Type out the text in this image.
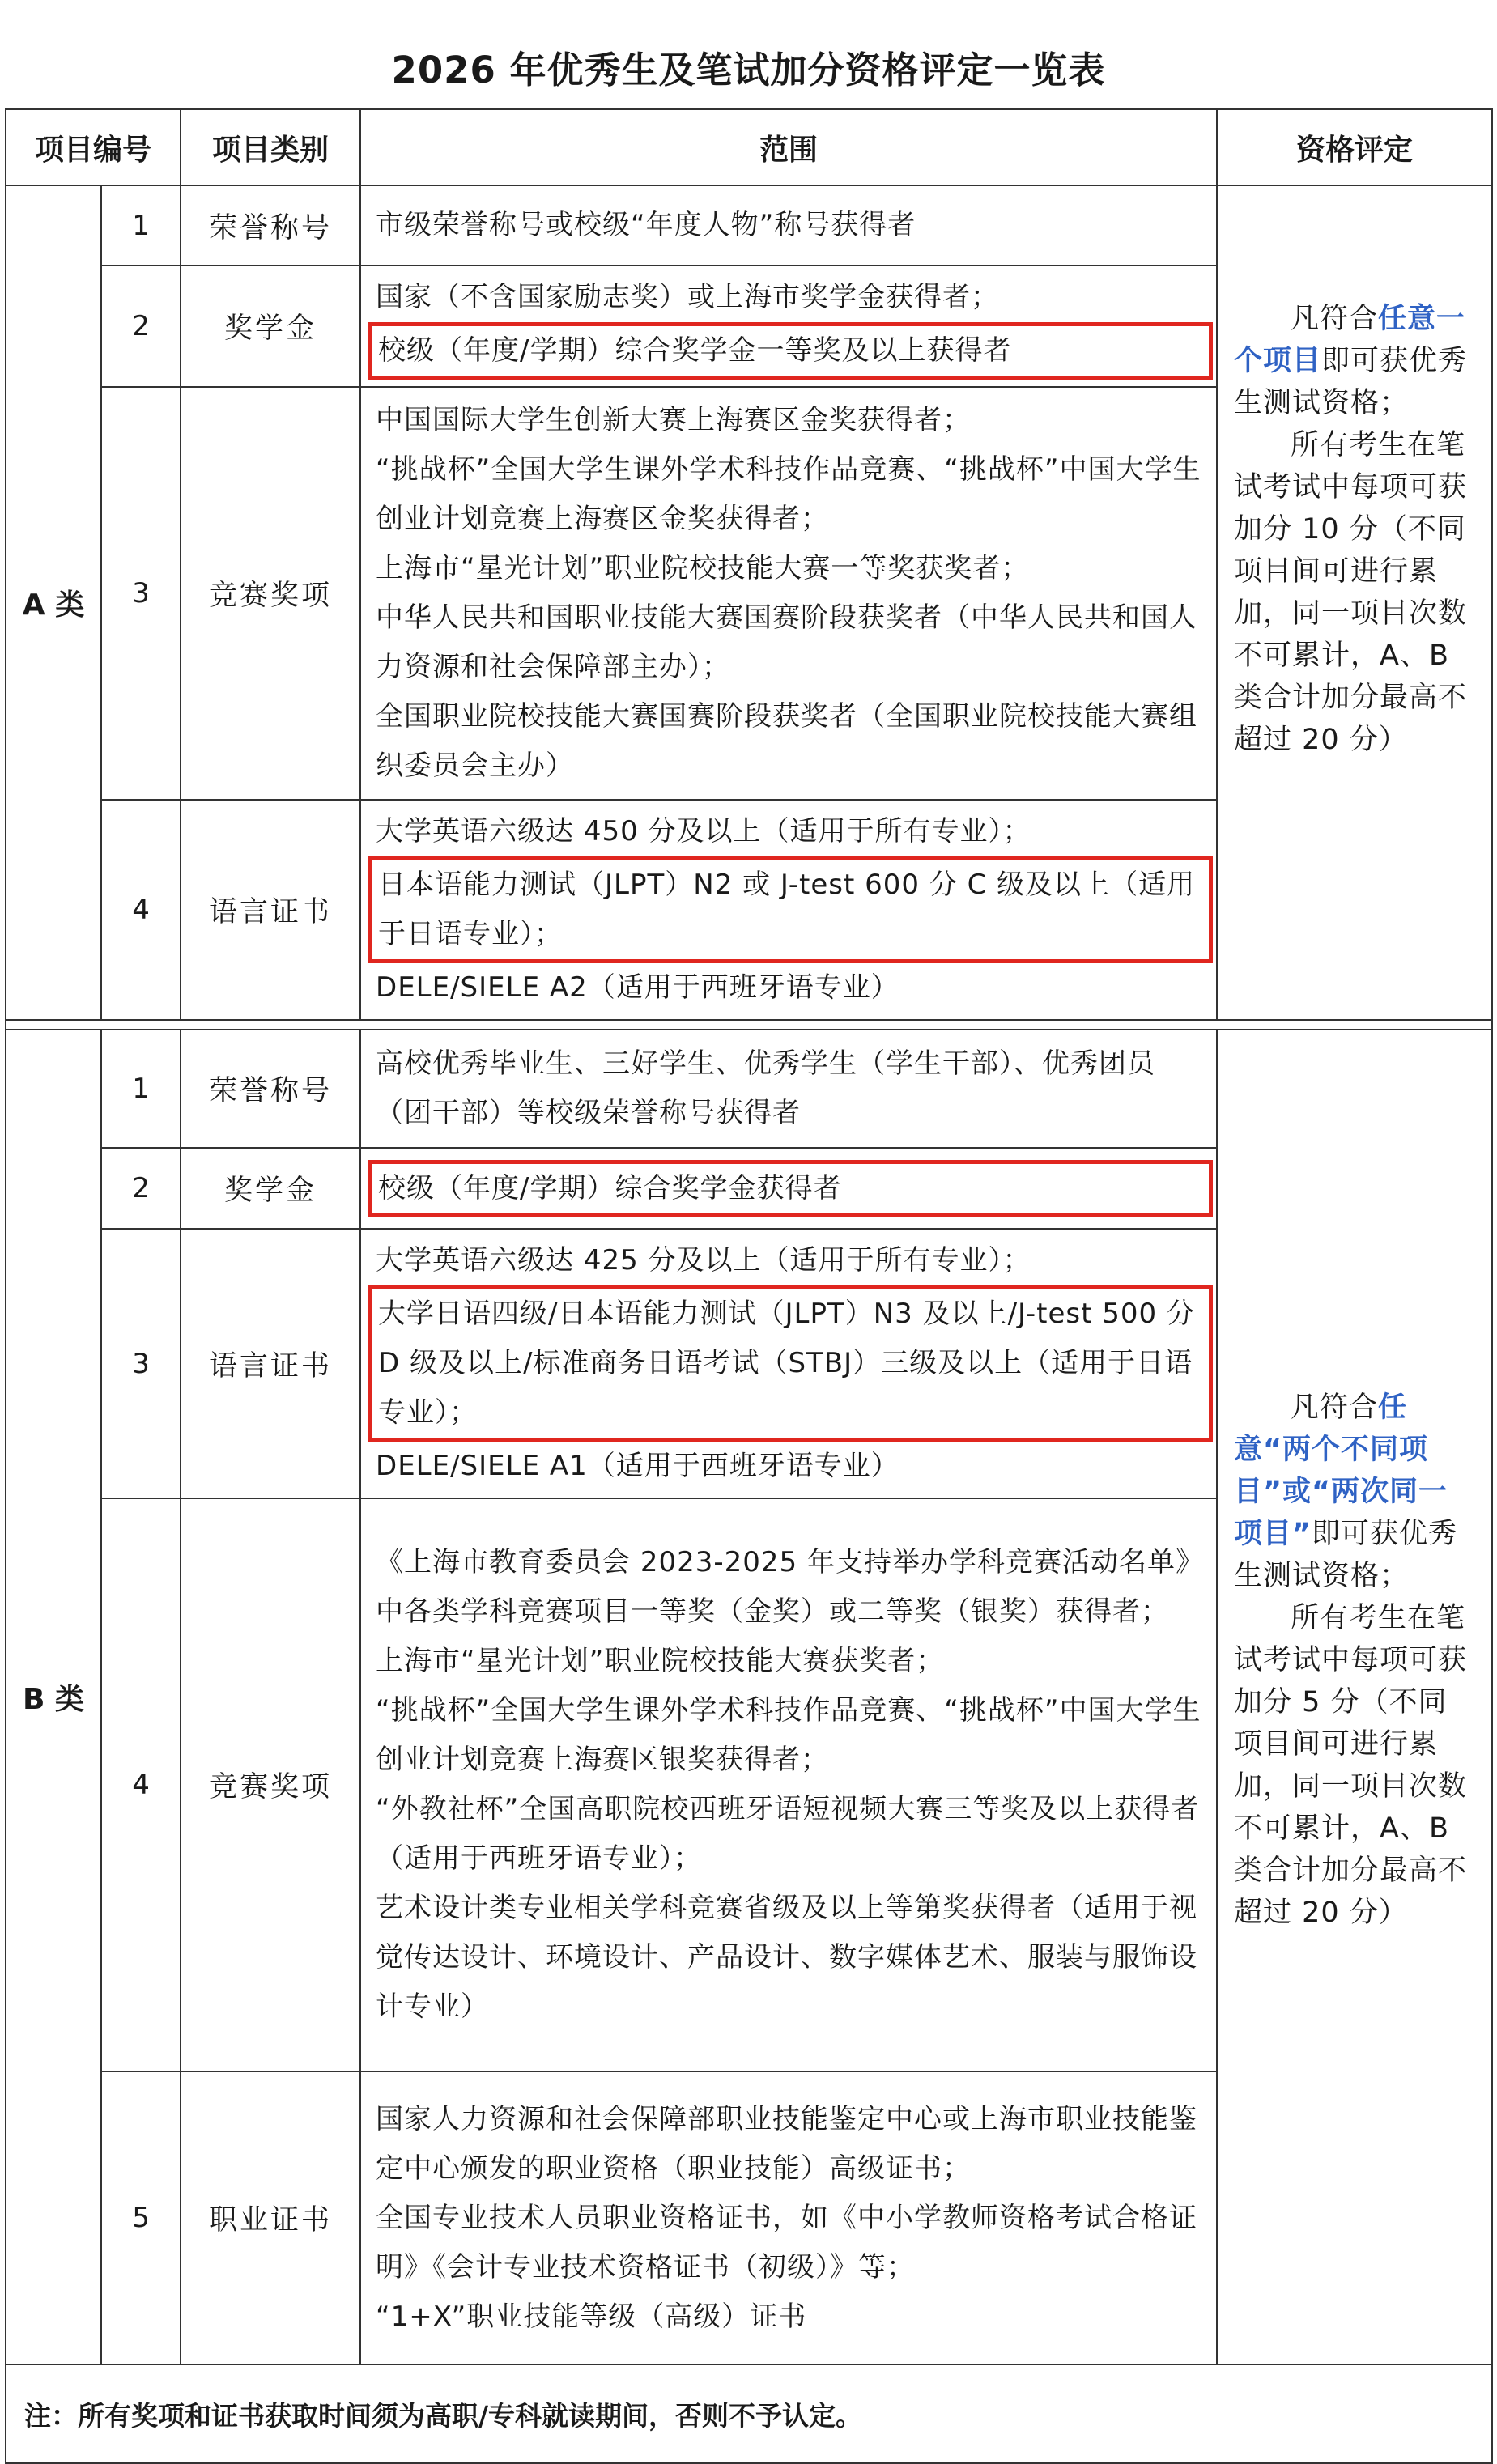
2026 年优秀生及笔试加分资格评定一览表
项目编号		项目类别	范围	资格评定
A 类	1	荣誉称号	市级荣誉称号或校级“年度人物”称号获得者	凡符合任意一个项目即可获优秀生测试资格；

所有考生在笔试考试中每项可获加分 10 分（不同项目间可进行累加，同一项目次数不可累计，A、B 类合计加分最高不超过 20 分）

	2	奖学金	国家（不含国家励志奖）或上海市奖学金获得者；
校级（年度/学期）综合奖学金一等奖及以上获得者	

	3	竞赛奖项	中国国际大学生创新大赛上海赛区金奖获得者；
“挑战杯”全国大学生课外学术科技作品竞赛、“挑战杯”中国大学生创业计划竞赛上海赛区金奖获得者；
上海市“星光计划”职业院校技能大赛一等奖获奖者；
中华人民共和国职业技能大赛国赛阶段获奖者（中华人民共和国人力资源和社会保障部主办）；
全国职业院校技能大赛国赛阶段获奖者（全国职业院校技能大赛组织委员会主办）	

	4	语言证书	大学英语六级达 450 分及以上（适用于所有专业）；
日本语能力测试（JLPT）N2 或 J-test 600 分 C 级及以上（适用于日语专业）；
DELE/SIELE A2（适用于西班牙语专业）	

B 类	1	荣誉称号	高校优秀毕业生、三好学生、优秀学生（学生干部）、优秀团员（团干部）等校级荣誉称号获得者	凡符合任意“两个不同项目”或“两次同一项目”即可获优秀生测试资格；

所有考生在笔试考试中每项可获加分 5 分（不同项目间可进行累加，同一项目次数不可累计，A、B 类合计加分最高不超过 20 分）

	2	奖学金	校级（年度/学期）综合奖学金获得者	

	3	语言证书	大学英语六级达 425 分及以上（适用于所有专业）；
大学日语四级/日本语能力测试（JLPT）N3 及以上/J-test 500 分 D 级及以上/标准商务日语考试（STBJ）三级及以上（适用于日语专业）；
DELE/SIELE A1（适用于西班牙语专业）	

	4	竞赛奖项	《上海市教育委员会 2023-2025 年支持举办学科竞赛活动名单》中各类学科竞赛项目一等奖（金奖）或二等奖（银奖）获得者；
上海市“星光计划”职业院校技能大赛获奖者；
“挑战杯”全国大学生课外学术科技作品竞赛、“挑战杯”中国大学生创业计划竞赛上海赛区银奖获得者；
“外教社杯”全国高职院校西班牙语短视频大赛三等奖及以上获得者（适用于西班牙语专业）；
艺术设计类专业相关学科竞赛省级及以上等第奖获得者（适用于视觉传达设计、环境设计、产品设计、数字媒体艺术、服装与服饰设计专业）	

	5	职业证书	国家人力资源和社会保障部职业技能鉴定中心或上海市职业技能鉴定中心颁发的职业资格（职业技能）高级证书；
全国专业技术人员职业资格证书，如《中小学教师资格考试合格证明》《会计专业技术资格证书（初级）》等；
“1+X”职业技能等级（高级）证书	

注：所有奖项和证书获取时间须为高职/专科就读期间，否则不予认定。				
